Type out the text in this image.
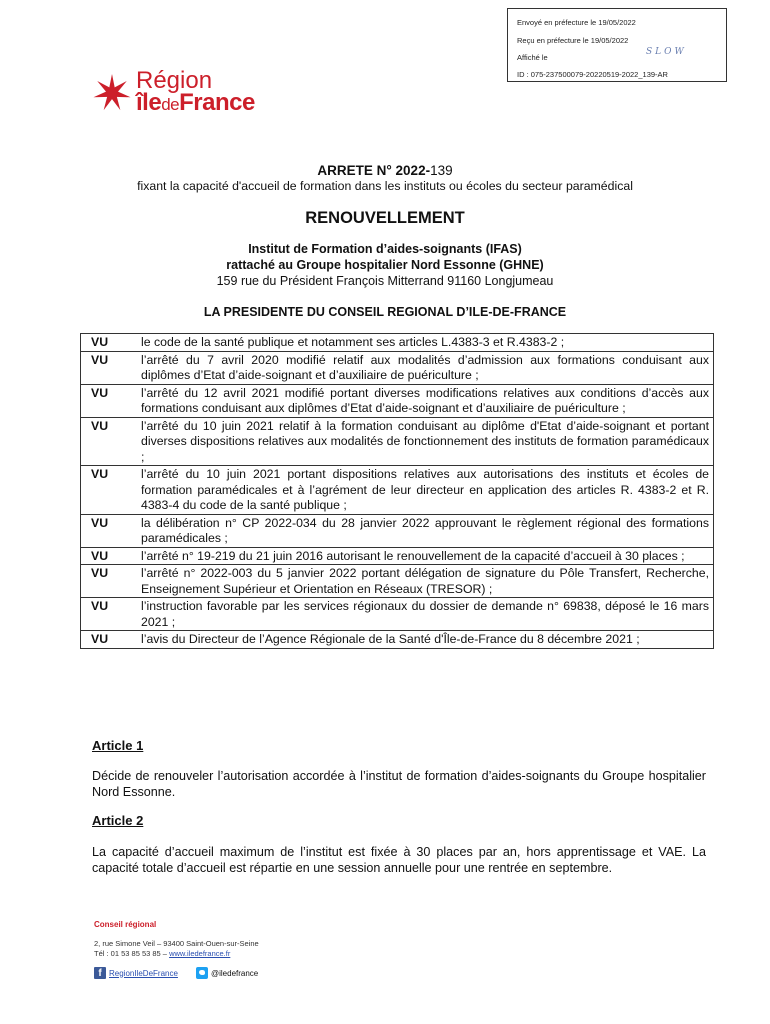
Envoyé en préfecture le 19/05/2022
Reçu en préfecture le 19/05/2022
Affiché le
SLOW
ID : 075-237500079-20220519-2022_139-AR
Région
îledeFrance
ARRETE N° 2022-139
fixant la capacité d'accueil de formation dans les instituts ou écoles du secteur paramédical
RENOUVELLEMENT
Institut de Formation d’aides-soignants (IFAS)
rattaché au Groupe hospitalier Nord Essonne (GHNE)
159 rue du Président François Mitterrand 91160 Longjumeau
LA PRESIDENTE DU CONSEIL REGIONAL D’ILE-DE-FRANCE
VU	le code de la santé publique et notamment ses articles L.4383-3 et R.4383-2 ;
VU	l’arrêté du 7 avril 2020 modifié relatif aux modalités d’admission aux formations conduisant aux diplômes d’Etat d’aide-soignant et d’auxiliaire de puériculture ;
VU	l’arrêté du 12 avril 2021 modifié portant diverses modifications relatives aux conditions d’accès aux formations conduisant aux diplômes d’Etat d’aide-soignant et d’auxiliaire de puériculture ;
VU	l’arrêté du 10 juin 2021 relatif à la formation conduisant au diplôme d'Etat d’aide-soignant et portant diverses dispositions relatives aux modalités de fonctionnement des instituts de formation paramédicaux ;
VU	l’arrêté du 10 juin 2021 portant dispositions relatives aux autorisations des instituts et écoles de formation paramédicales et à l’agrément de leur directeur en application des articles R. 4383-2 et R. 4383-4 du code de la santé publique ;
VU	la délibération n° CP 2022-034 du 28 janvier 2022 approuvant le règlement régional des formations paramédicales ;
VU	l’arrêté n° 19-219 du 21 juin 2016 autorisant le renouvellement de la capacité d’accueil à 30 places ;
VU	l’arrêté n° 2022-003 du 5 janvier 2022 portant délégation de signature du Pôle Transfert, Recherche, Enseignement Supérieur et Orientation en Réseaux (TRESOR) ;
VU	l’instruction favorable par les services régionaux du dossier de demande n° 69838, déposé le 16 mars 2021 ;
VU	l’avis du Directeur de l’Agence Régionale de la Santé d'Île-de-France du 8 décembre 2021 ;
Article 1
Décide de renouveler l’autorisation accordée à l’institut de formation d’aides-soignants du Groupe hospitalier Nord Essonne.
Article 2
La capacité d’accueil maximum de l’institut est fixée à 30 places par an, hors apprentissage et VAE. La capacité totale d’accueil est répartie en une session annuelle pour une rentrée en septembre.
Conseil régional
2, rue Simone Veil – 93400 Saint-Ouen-sur-Seine
Tél : 01 53 85 53 85 – www.iledefrance.fr
f RegionIleDeFrance	@iledefrance
